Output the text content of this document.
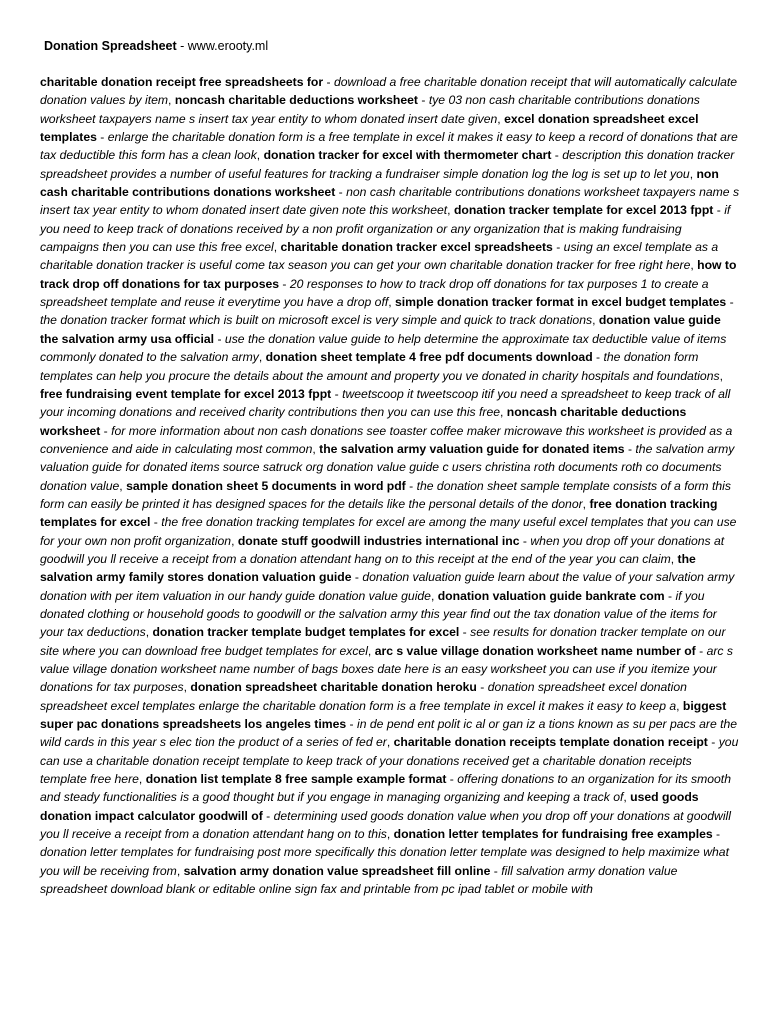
Donation Spreadsheet - www.erooty.ml
charitable donation receipt free spreadsheets for - download a free charitable donation receipt that will automatically calculate donation values by item, noncash charitable deductions worksheet - tye 03 non cash charitable contributions donations worksheet taxpayers name s insert tax year entity to whom donated insert date given, excel donation spreadsheet excel templates - enlarge the charitable donation form is a free template in excel it makes it easy to keep a record of donations that are tax deductible this form has a clean look, donation tracker for excel with thermometer chart - description this donation tracker spreadsheet provides a number of useful features for tracking a fundraiser simple donation log the log is set up to let you, non cash charitable contributions donations worksheet - non cash charitable contributions donations worksheet taxpayers name s insert tax year entity to whom donated insert date given note this worksheet, donation tracker template for excel 2013 fppt - if you need to keep track of donations received by a non profit organization or any organization that is making fundraising campaigns then you can use this free excel, charitable donation tracker excel spreadsheets - using an excel template as a charitable donation tracker is useful come tax season you can get your own charitable donation tracker for free right here, how to track drop off donations for tax purposes - 20 responses to how to track drop off donations for tax purposes 1 to create a spreadsheet template and reuse it everytime you have a drop off, simple donation tracker format in excel budget templates - the donation tracker format which is built on microsoft excel is very simple and quick to track donations, donation value guide the salvation army usa official - use the donation value guide to help determine the approximate tax deductible value of items commonly donated to the salvation army, donation sheet template 4 free pdf documents download - the donation form templates can help you procure the details about the amount and property you ve donated in charity hospitals and foundations, free fundraising event template for excel 2013 fppt - tweetscoop it tweetscoop itif you need a spreadsheet to keep track of all your incoming donations and received charity contributions then you can use this free, noncash charitable deductions worksheet - for more information about non cash donations see toaster coffee maker microwave this worksheet is provided as a convenience and aide in calculating most common, the salvation army valuation guide for donated items - the salvation army valuation guide for donated items source satruck org donation value guide c users christina roth documents roth co documents donation value, sample donation sheet 5 documents in word pdf - the donation sheet sample template consists of a form this form can easily be printed it has designed spaces for the details like the personal details of the donor, free donation tracking templates for excel - the free donation tracking templates for excel are among the many useful excel templates that you can use for your own non profit organization, donate stuff goodwill industries international inc - when you drop off your donations at goodwill you ll receive a receipt from a donation attendant hang on to this receipt at the end of the year you can claim, the salvation army family stores donation valuation guide - donation valuation guide learn about the value of your salvation army donation with per item valuation in our handy guide donation value guide, donation valuation guide bankrate com - if you donated clothing or household goods to goodwill or the salvation army this year find out the tax donation value of the items for your tax deductions, donation tracker template budget templates for excel - see results for donation tracker template on our site where you can download free budget templates for excel, arc s value village donation worksheet name number of - arc s value village donation worksheet name number of bags boxes date here is an easy worksheet you can use if you itemize your donations for tax purposes, donation spreadsheet charitable donation heroku - donation spreadsheet excel donation spreadsheet excel templates enlarge the charitable donation form is a free template in excel it makes it easy to keep a, biggest super pac donations spreadsheets los angeles times - in de pend ent polit ic al or gan iz a tions known as su per pacs are the wild cards in this year s elec tion the product of a series of fed er, charitable donation receipts template donation receipt - you can use a charitable donation receipt template to keep track of your donations received get a charitable donation receipts template free here, donation list template 8 free sample example format - offering donations to an organization for its smooth and steady functionalities is a good thought but if you engage in managing organizing and keeping a track of, used goods donation impact calculator goodwill of - determining used goods donation value when you drop off your donations at goodwill you ll receive a receipt from a donation attendant hang on to this, donation letter templates for fundraising free examples - donation letter templates for fundraising post more specifically this donation letter template was designed to help maximize what you will be receiving from, salvation army donation value spreadsheet fill online - fill salvation army donation value spreadsheet download blank or editable online sign fax and printable from pc ipad tablet or mobile with
